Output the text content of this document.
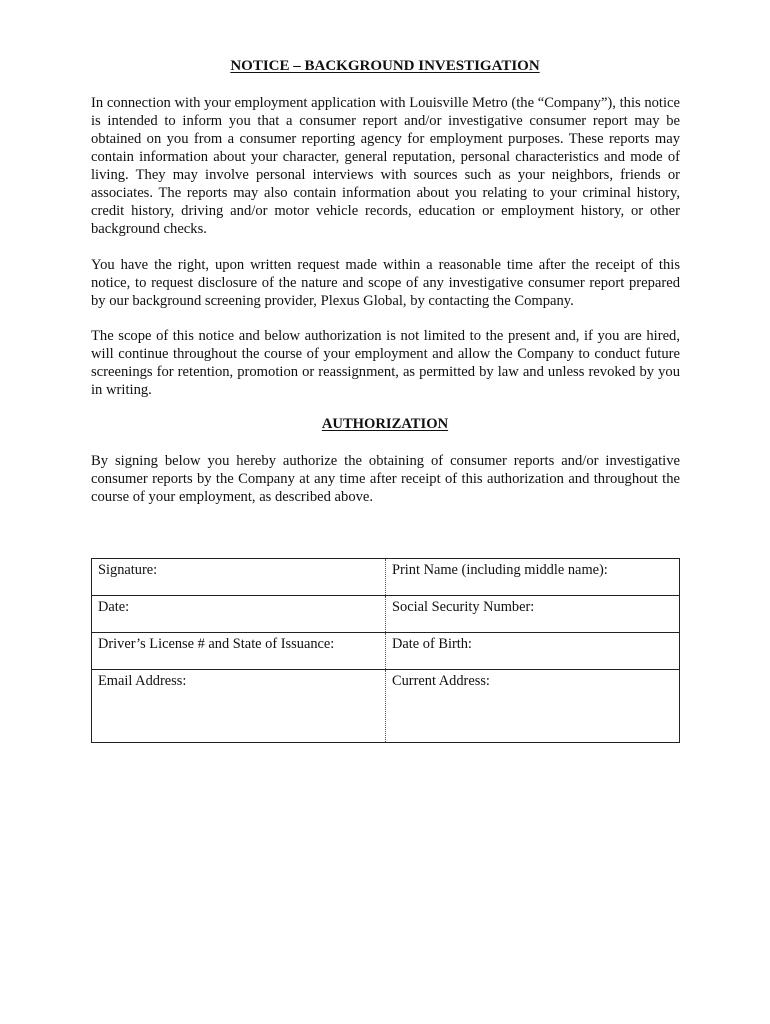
NOTICE – BACKGROUND INVESTIGATION

In connection with your employment application with Louisville Metro (the “Company”), this notice is intended to inform you that a consumer report and/or investigative consumer report may be obtained on you from a consumer reporting agency for employment purposes. These reports may contain information about your character, general reputation, personal characteristics and mode of living. They may involve personal interviews with sources such as your neighbors, friends or associates. The reports may also contain information about you relating to your criminal history, credit history, driving and/or motor vehicle records, education or employment history, or other background checks.

You have the right, upon written request made within a reasonable time after the receipt of this notice, to request disclosure of the nature and scope of any investigative consumer report prepared by our background screening provider, Plexus Global, by contacting the Company.

The scope of this notice and below authorization is not limited to the present and, if you are hired, will continue throughout the course of your employment and allow the Company to conduct future screenings for retention, promotion or reassignment, as permitted by law and unless revoked by you in writing.

AUTHORIZATION

By signing below you hereby authorize the obtaining of consumer reports and/or investigative consumer reports by the Company at any time after receipt of this authorization and throughout the course of your employment, as described above.

Signature:	Print Name (including middle name):
Date:	Social Security Number:
Driver’s License # and State of Issuance:	Date of Birth:
Email Address:	Current Address:
